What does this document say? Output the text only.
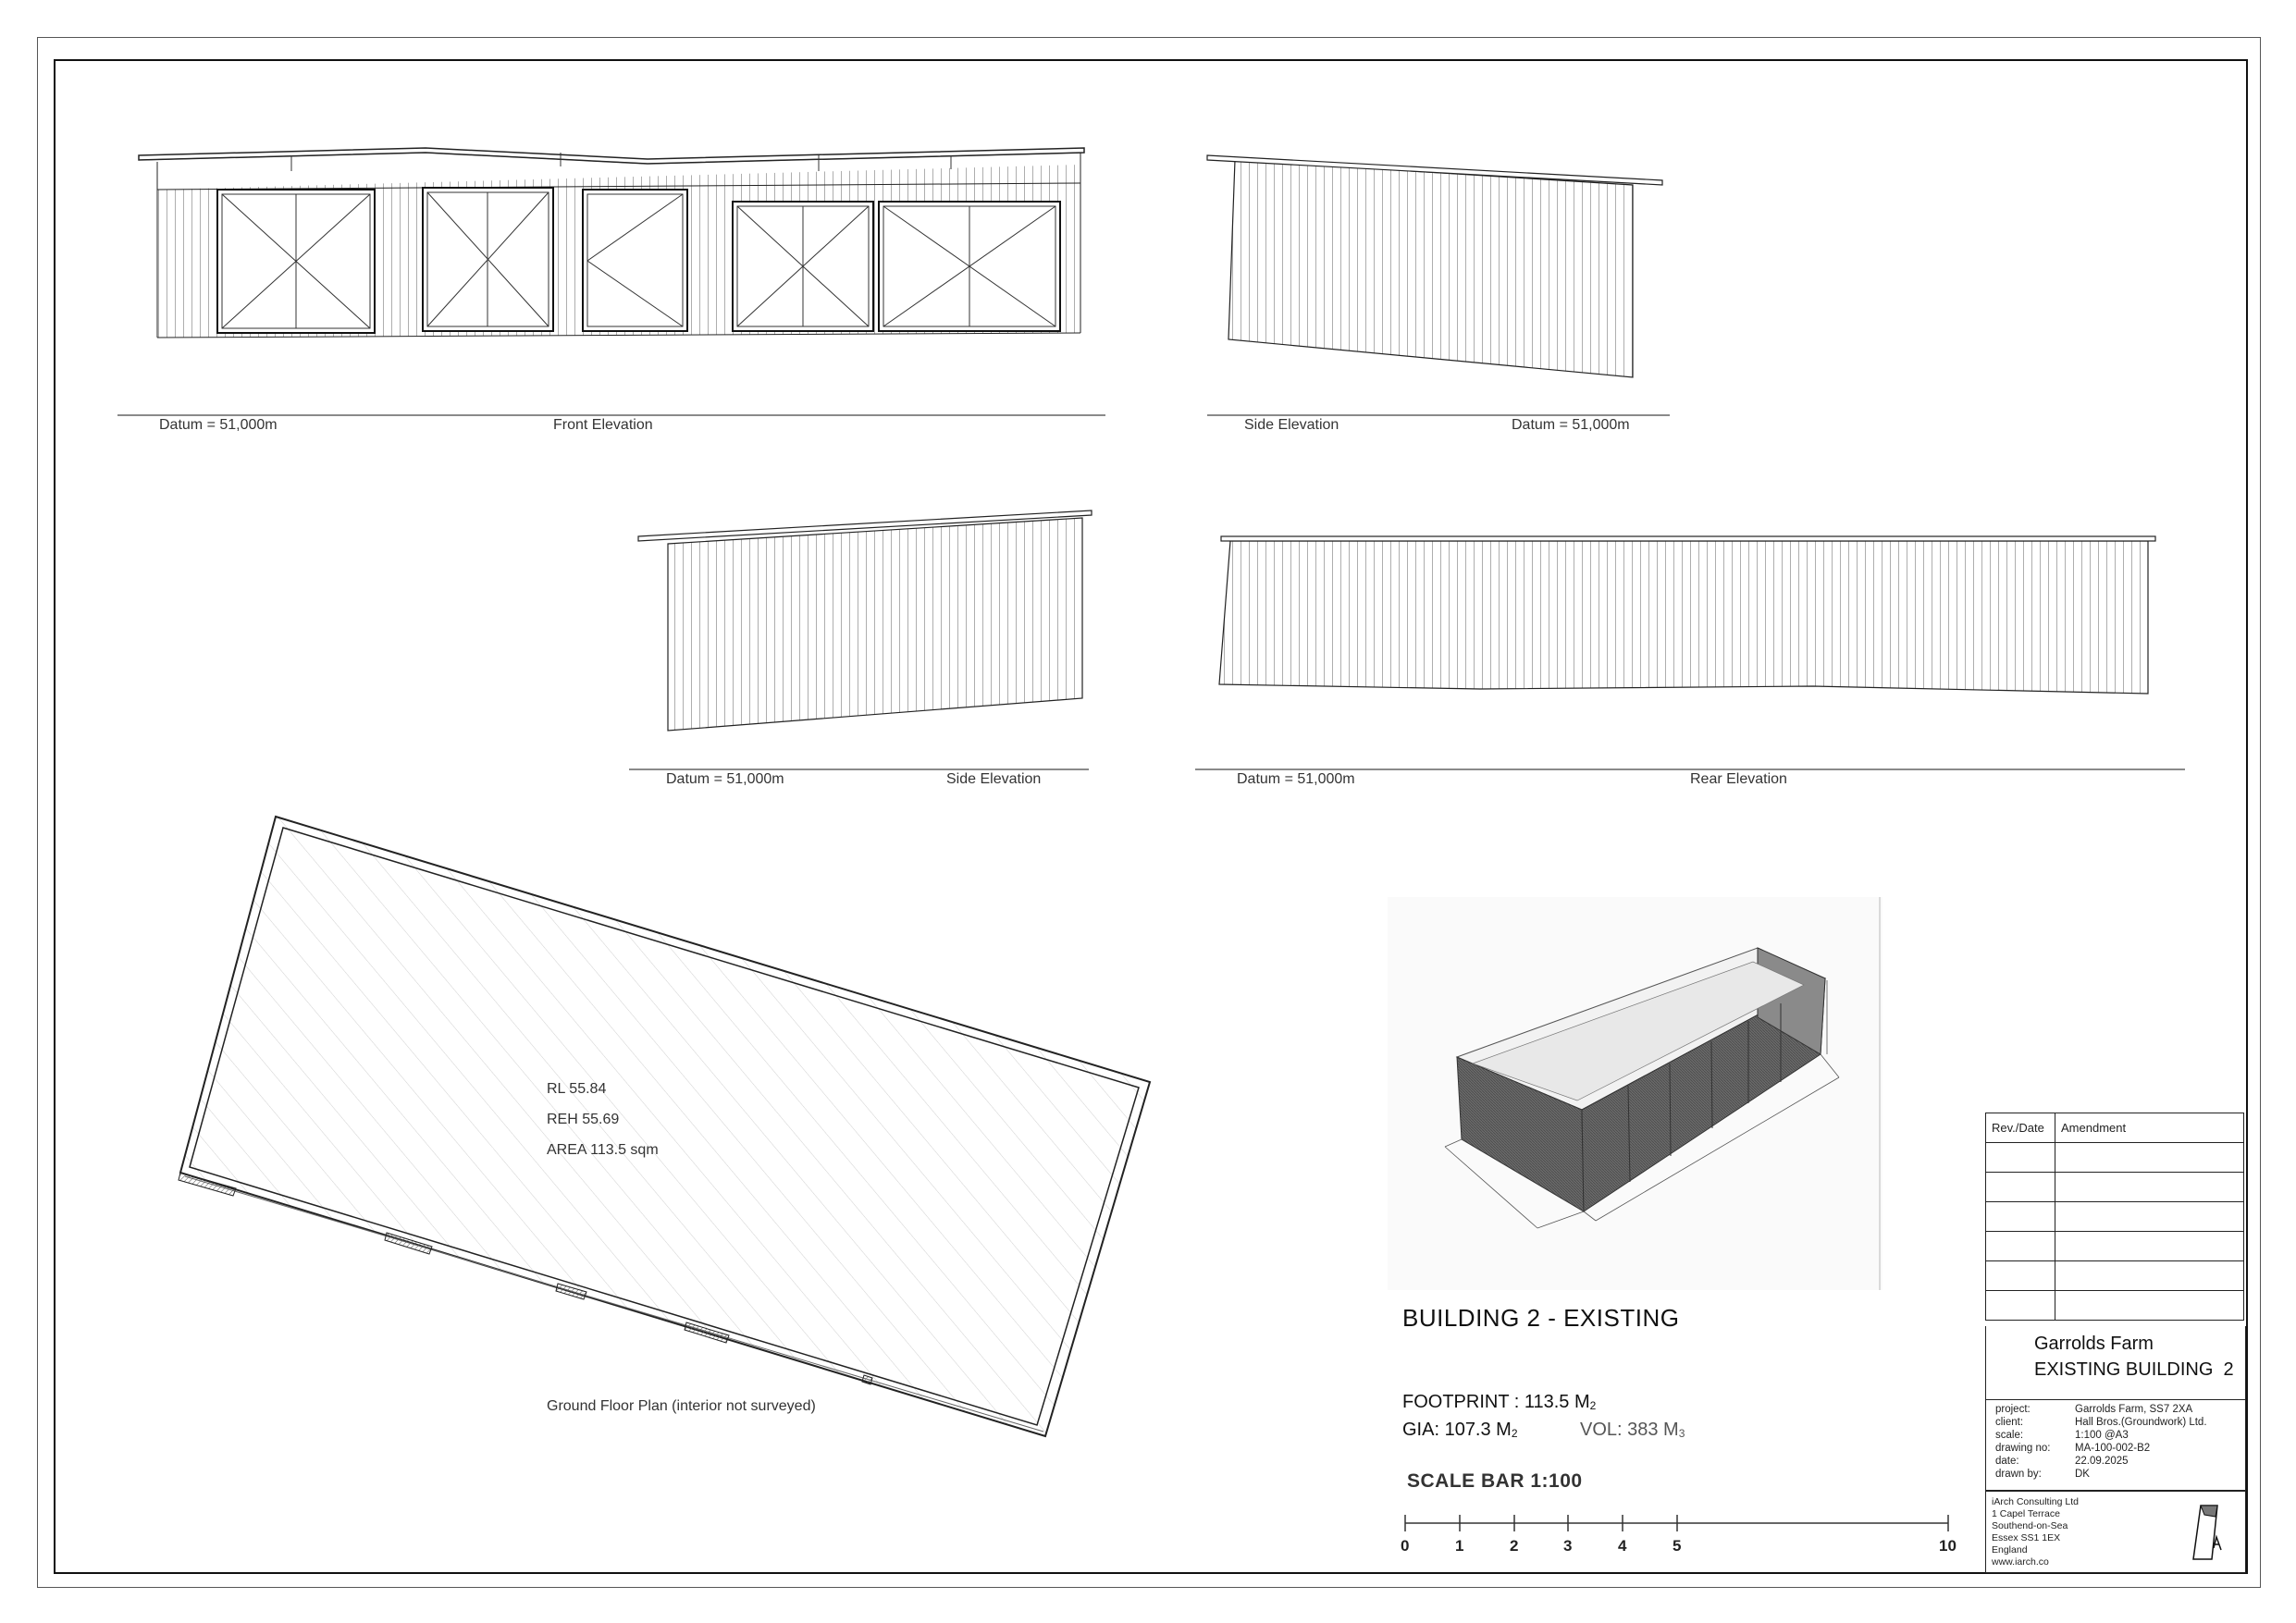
Datum = 51,000m	Front Elevation	Side Elevation	Datum = 51,000m
Datum = 51,000m	Side Elevation	Datum = 51,000m	Rear Elevation
RL 55.84
REH 55.69
AREA 113.5 sqm
Ground Floor Plan (interior not surveyed)
BUILDING 2 - EXISTING
FOOTPRINT : 113.5 $M^2$
GIA: 107.3 $M^2$	VOL: 383 $M^3$
SCALE BAR 1:100
0	1	2	3	4	5	10
Rev./Date	Amendment

Garrolds Farm
EXISTING BUILDING  2
project:	Garrolds Farm, SS7 2XA
client:	Hall Bros.(Groundwork) Ltd.
scale:	1:100 @A3
drawing no: MA-100-002-B2
date:	22.09.2025
drawn by:	DK
iArch Consulting Ltd
1 Capel Terrace
Southend-on-Sea
Essex SS1 1EX
England
www.iarch.co
